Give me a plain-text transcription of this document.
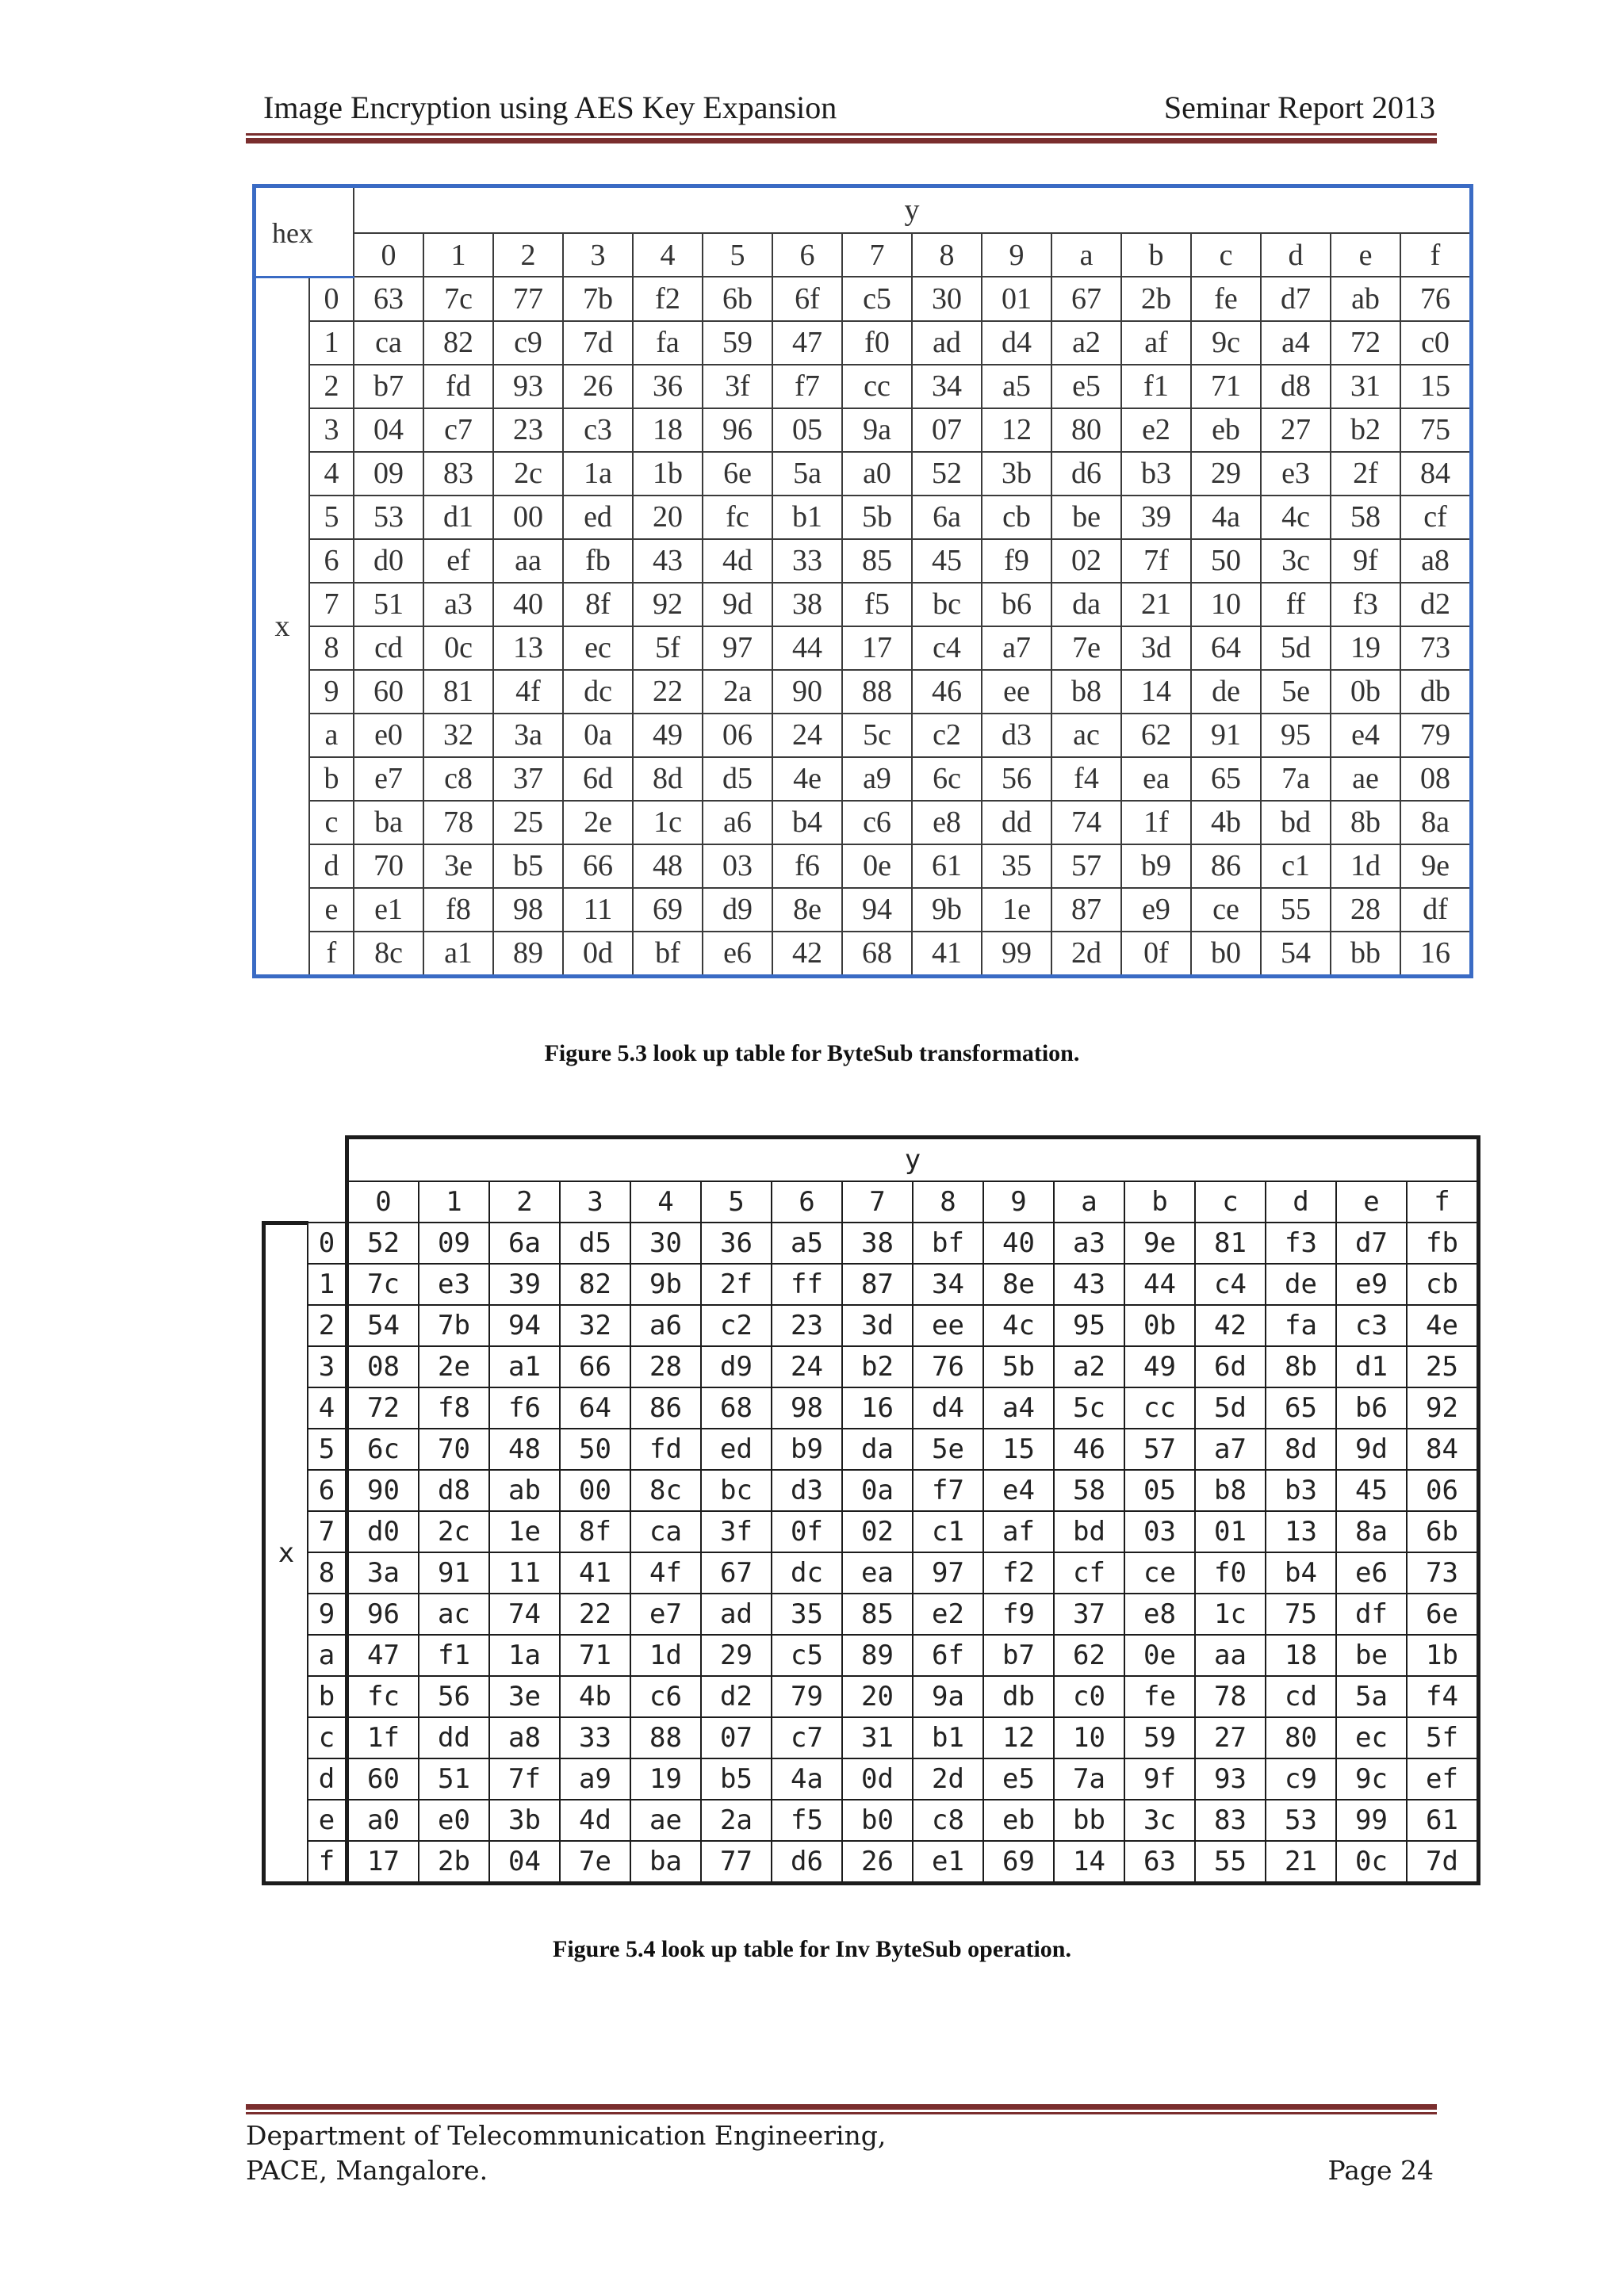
Image Encryption using AES Key Expansion	Seminar Report 2013
hex		y															
		0	1	2	3	4	5	6	7	8	9	a	b	c	d	e	f
x	0	63	7c	77	7b	f2	6b	6f	c5	30	01	67	2b	fe	d7	ab	76
	1	ca	82	c9	7d	fa	59	47	f0	ad	d4	a2	af	9c	a4	72	c0
	2	b7	fd	93	26	36	3f	f7	cc	34	a5	e5	f1	71	d8	31	15
	3	04	c7	23	c3	18	96	05	9a	07	12	80	e2	eb	27	b2	75
	4	09	83	2c	1a	1b	6e	5a	a0	52	3b	d6	b3	29	e3	2f	84
	5	53	d1	00	ed	20	fc	b1	5b	6a	cb	be	39	4a	4c	58	cf
	6	d0	ef	aa	fb	43	4d	33	85	45	f9	02	7f	50	3c	9f	a8
	7	51	a3	40	8f	92	9d	38	f5	bc	b6	da	21	10	ff	f3	d2
	8	cd	0c	13	ec	5f	97	44	17	c4	a7	7e	3d	64	5d	19	73
	9	60	81	4f	dc	22	2a	90	88	46	ee	b8	14	de	5e	0b	db
	a	e0	32	3a	0a	49	06	24	5c	c2	d3	ac	62	91	95	e4	79
	b	e7	c8	37	6d	8d	d5	4e	a9	6c	56	f4	ea	65	7a	ae	08
	c	ba	78	25	2e	1c	a6	b4	c6	e8	dd	74	1f	4b	bd	8b	8a
	d	70	3e	b5	66	48	03	f6	0e	61	35	57	b9	86	c1	1d	9e
	e	e1	f8	98	11	69	d9	8e	94	9b	1e	87	e9	ce	55	28	df
	f	8c	a1	89	0d	bf	e6	42	68	41	99	2d	0f	b0	54	bb	16
Figure 5.3 look up table for ByteSub transformation.
		y															
		0	1	2	3	4	5	6	7	8	9	a	b	c	d	e	f
x	0	52	09	6a	d5	30	36	a5	38	bf	40	a3	9e	81	f3	d7	fb
	1	7c	e3	39	82	9b	2f	ff	87	34	8e	43	44	c4	de	e9	cb
	2	54	7b	94	32	a6	c2	23	3d	ee	4c	95	0b	42	fa	c3	4e
	3	08	2e	a1	66	28	d9	24	b2	76	5b	a2	49	6d	8b	d1	25
	4	72	f8	f6	64	86	68	98	16	d4	a4	5c	cc	5d	65	b6	92
	5	6c	70	48	50	fd	ed	b9	da	5e	15	46	57	a7	8d	9d	84
	6	90	d8	ab	00	8c	bc	d3	0a	f7	e4	58	05	b8	b3	45	06
	7	d0	2c	1e	8f	ca	3f	0f	02	c1	af	bd	03	01	13	8a	6b
	8	3a	91	11	41	4f	67	dc	ea	97	f2	cf	ce	f0	b4	e6	73
	9	96	ac	74	22	e7	ad	35	85	e2	f9	37	e8	1c	75	df	6e
	a	47	f1	1a	71	1d	29	c5	89	6f	b7	62	0e	aa	18	be	1b
	b	fc	56	3e	4b	c6	d2	79	20	9a	db	c0	fe	78	cd	5a	f4
	c	1f	dd	a8	33	88	07	c7	31	b1	12	10	59	27	80	ec	5f
	d	60	51	7f	a9	19	b5	4a	0d	2d	e5	7a	9f	93	c9	9c	ef
	e	a0	e0	3b	4d	ae	2a	f5	b0	c8	eb	bb	3c	83	53	99	61
	f	17	2b	04	7e	ba	77	d6	26	e1	69	14	63	55	21	0c	7d
Figure 5.4 look up table for Inv ByteSub operation.
Department of Telecommunication Engineering,
PACE, Mangalore.	Page 24
